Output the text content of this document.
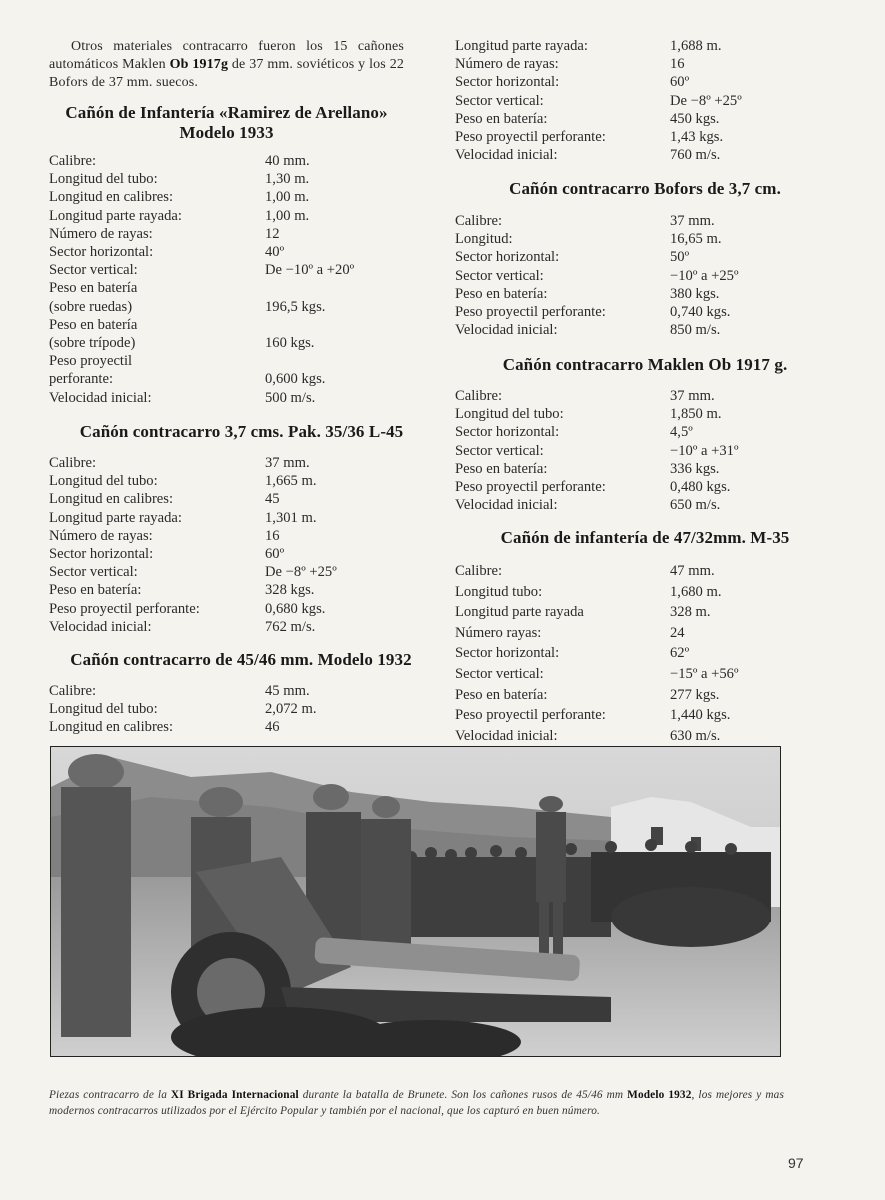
Otros materiales contracarro fueron los 15 cañones automáticos Maklen Ob 1917g de 37 mm. soviéticos y los 22 Bofors de 37 mm. suecos.

Cañón de Infantería «Ramirez de Arellano»
Modelo 1933
Calibre:	40 mm.
Longitud del tubo:	1,30 m.
Longitud en calibres:	1,00 m.
Longitud parte rayada:	1,00 m.
Número de rayas:	12
Sector horizontal:	40º
Sector vertical:	De −10º a +20º
Peso en batería
(sobre ruedas)	196,5 kgs.
Peso en batería
(sobre trípode)	160 kgs.
Peso proyectil
perforante:	0,600 kgs.
Velocidad inicial:	500 m/s.
Cañón contracarro 3,7 cms. Pak. 35/36 L-45
Calibre:	37 mm.
Longitud del tubo:	1,665 m.
Longitud en calibres:	45
Longitud parte rayada:	1,301 m.
Número de rayas:	16
Sector horizontal:	60º
Sector vertical:	De −8º +25º
Peso en batería:	328 kgs.
Peso proyectil perforante:	0,680 kgs.
Velocidad inicial:	762 m/s.
Cañón contracarro de 45/46 mm. Modelo 1932
Calibre:	45 mm.
Longitud del tubo:	2,072 m.
Longitud en calibres:	46
Longitud parte rayada:	1,688 m.
Número de rayas:	16
Sector horizontal:	60º
Sector vertical:	De −8º +25º
Peso en batería:	450 kgs.
Peso proyectil perforante:	1,43 kgs.
Velocidad inicial:	760 m/s.
Cañón contracarro Bofors de 3,7 cm.
Calibre:	37 mm.
Longitud:	16,65 m.
Sector horizontal:	50º
Sector vertical:	−10º a +25º
Peso en batería:	380 kgs.
Peso proyectil perforante:	0,740 kgs.
Velocidad inicial:	850 m/s.
Cañón contracarro Maklen Ob 1917 g.
Calibre:	37 mm.
Longitud del tubo:	1,850 m.
Sector horizontal:	4,5º
Sector vertical:	−10º a +31º
Peso en batería:	336 kgs.
Peso proyectil perforante:	0,480 kgs.
Velocidad inicial:	650 m/s.
Cañón de infantería de 47/32mm. M-35
Calibre:	47 mm.
Longitud tubo:	1,680 m.
Longitud parte rayada	328 m.
Número rayas:	24
Sector horizontal:	62º
Sector vertical:	−15º a +56º
Peso en batería:	277 kgs.
Peso proyectil perforante:	1,440 kgs.
Velocidad inicial:	630 m/s.

Piezas contracarro de la XI Brigada Internacional durante la batalla de Brunete. Son los cañones rusos de 45/46 mm Modelo 1932, los mejores y mas modernos contracarros utilizados por el Ejército Popular y también por el nacional, que los capturó en buen número.

97
